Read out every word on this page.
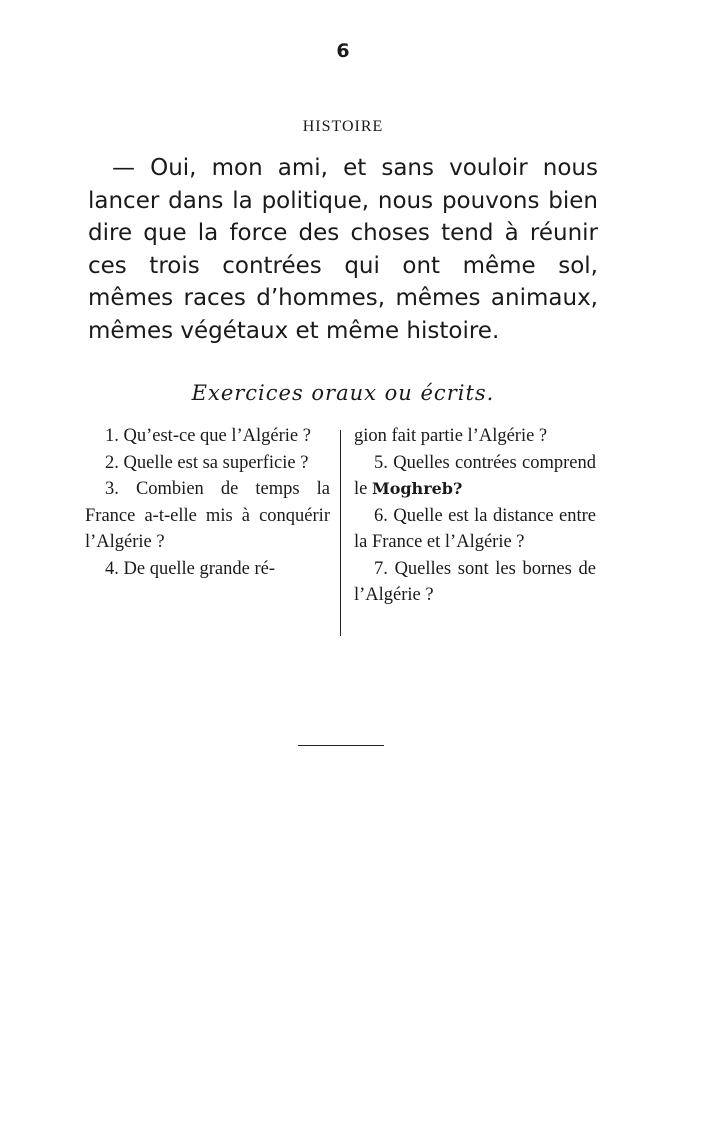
6
HISTOIRE

— Oui, mon ami, et sans vouloir nous lancer dans la politique, nous pouvons bien dire que la force des choses tend à réunir ces trois contrées qui ont même sol, mêmes races d’hommes, mêmes animaux, mêmes végétaux et même histoire.

Exercices oraux ou écrits.

1. Qu’est-ce que l’Algérie ?

2. Quelle est sa superficie ?

3. Combien de temps la France a-t-elle mis à conquérir l’Algérie ?

4. De quelle grande ré-

gion fait partie l’Algérie ?

5. Quelles contrées comprend le Moghreb?

6. Quelle est la distance entre la France et l’Algérie ?

7. Quelles sont les bornes de l’Algérie ?
